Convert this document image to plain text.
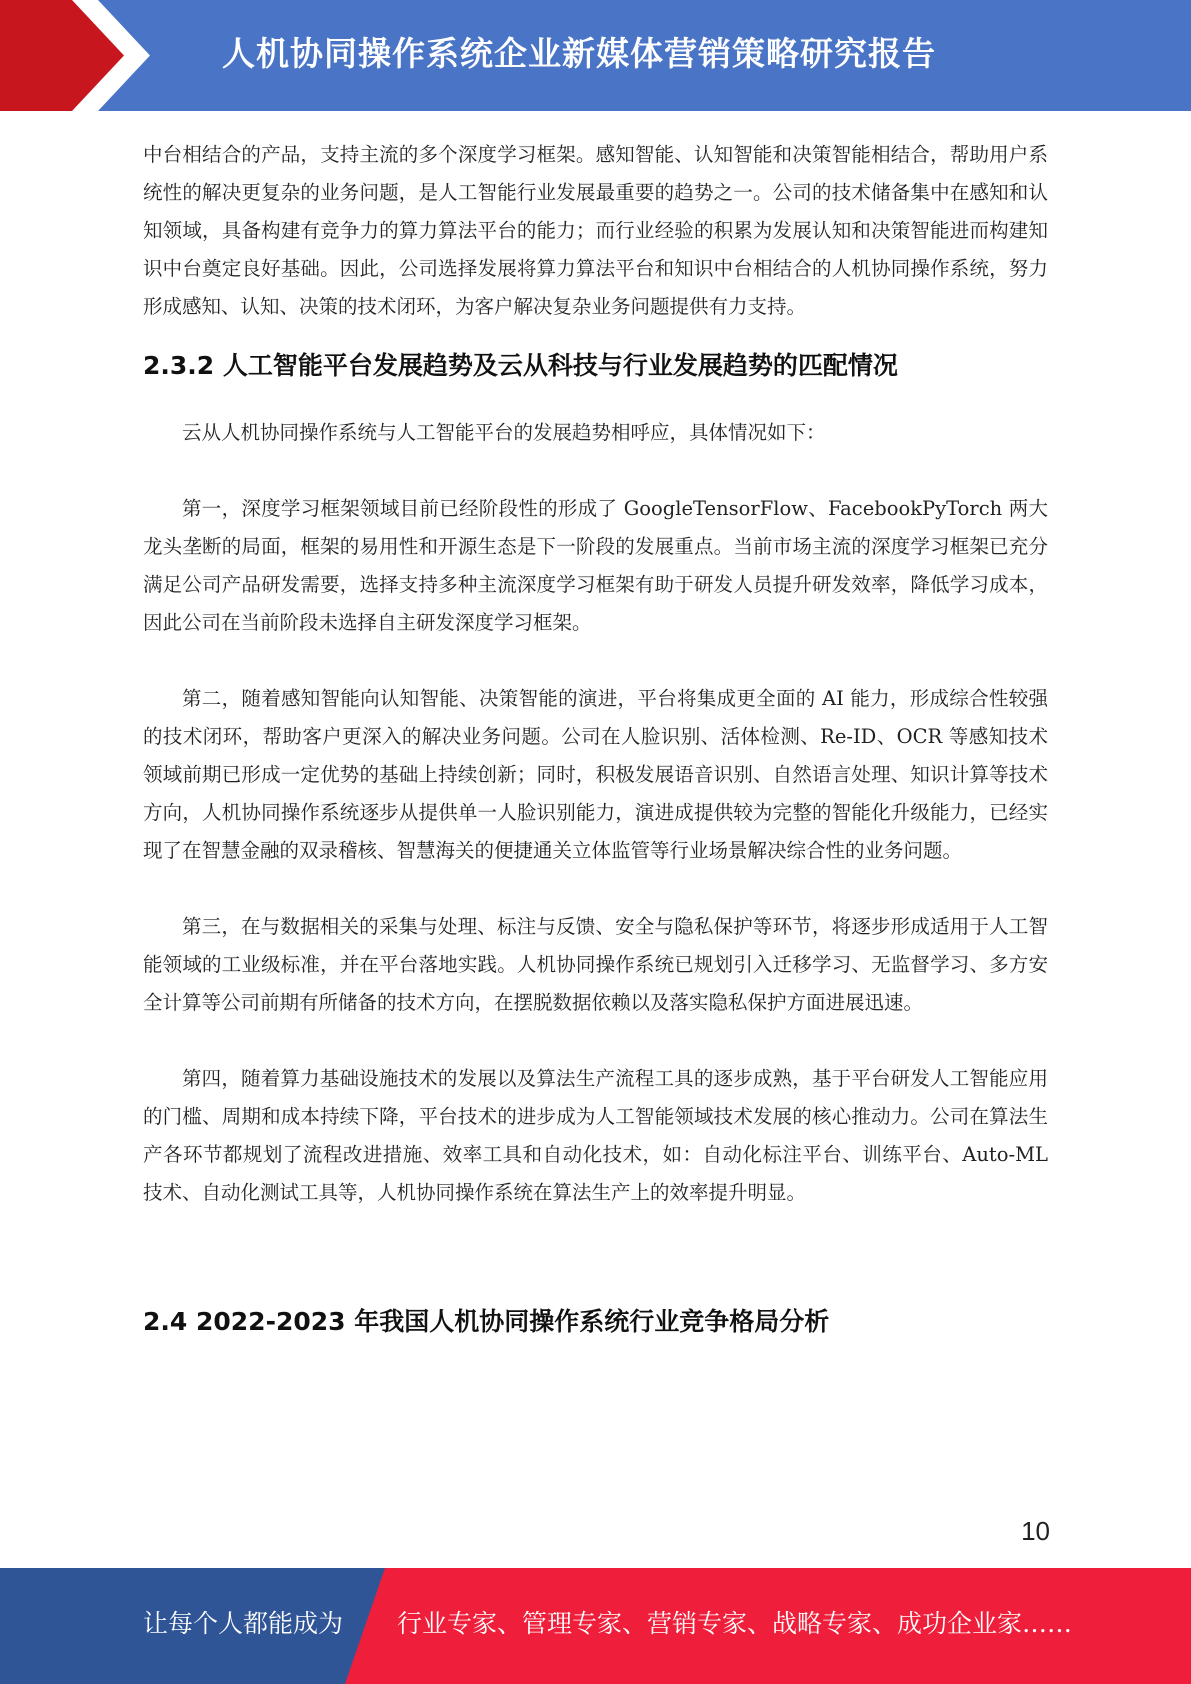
人机协同操作系统企业新媒体营销策略研究报告

中台相结合的产品，支持主流的多个深度学习框架。感知智能、认知智能和决策智能相结合，帮助用户系统性的解决更复杂的业务问题，是人工智能行业发展最重要的趋势之一。公司的技术储备集中在感知和认知领域，具备构建有竞争力的算力算法平台的能力；而行业经验的积累为发展认知和决策智能进而构建知识中台奠定良好基础。因此，公司选择发展将算力算法平台和知识中台相结合的人机协同操作系统，努力形成感知、认知、决策的技术闭环，为客户解决复杂业务问题提供有力支持。

2.3.2 人工智能平台发展趋势及云从科技与行业发展趋势的匹配情况

云从人机协同操作系统与人工智能平台的发展趋势相呼应，具体情况如下：

第一，深度学习框架领域目前已经阶段性的形成了 GoogleTensorFlow、FacebookPyTorch 两大龙头垄断的局面，框架的易用性和开源生态是下一阶段的发展重点。当前市场主流的深度学习框架已充分满足公司产品研发需要，选择支持多种主流深度学习框架有助于研发人员提升研发效率，降低学习成本，因此公司在当前阶段未选择自主研发深度学习框架。

第二，随着感知智能向认知智能、决策智能的演进，平台将集成更全面的 AI 能力，形成综合性较强的技术闭环，帮助客户更深入的解决业务问题。公司在人脸识别、活体检测、Re-ID、OCR 等感知技术领域前期已形成一定优势的基础上持续创新；同时，积极发展语音识别、自然语言处理、知识计算等技术方向，人机协同操作系统逐步从提供单一人脸识别能力，演进成提供较为完整的智能化升级能力，已经实现了在智慧金融的双录稽核、智慧海关的便捷通关立体监管等行业场景解决综合性的业务问题。

第三，在与数据相关的采集与处理、标注与反馈、安全与隐私保护等环节，将逐步形成适用于人工智能领域的工业级标准，并在平台落地实践。人机协同操作系统已规划引入迁移学习、无监督学习、多方安全计算等公司前期有所储备的技术方向，在摆脱数据依赖以及落实隐私保护方面进展迅速。

第四，随着算力基础设施技术的发展以及算法生产流程工具的逐步成熟，基于平台研发人工智能应用的门槛、周期和成本持续下降，平台技术的进步成为人工智能领域技术发展的核心推动力。公司在算法生产各环节都规划了流程改进措施、效率工具和自动化技术，如：自动化标注平台、训练平台、Auto-ML 技术、自动化测试工具等，人机协同操作系统在算法生产上的效率提升明显。

2.4 2022-2023 年我国人机协同操作系统行业竞争格局分析
10
让每个人都能成为 行业专家、管理专家、营销专家、战略专家、成功企业家……
